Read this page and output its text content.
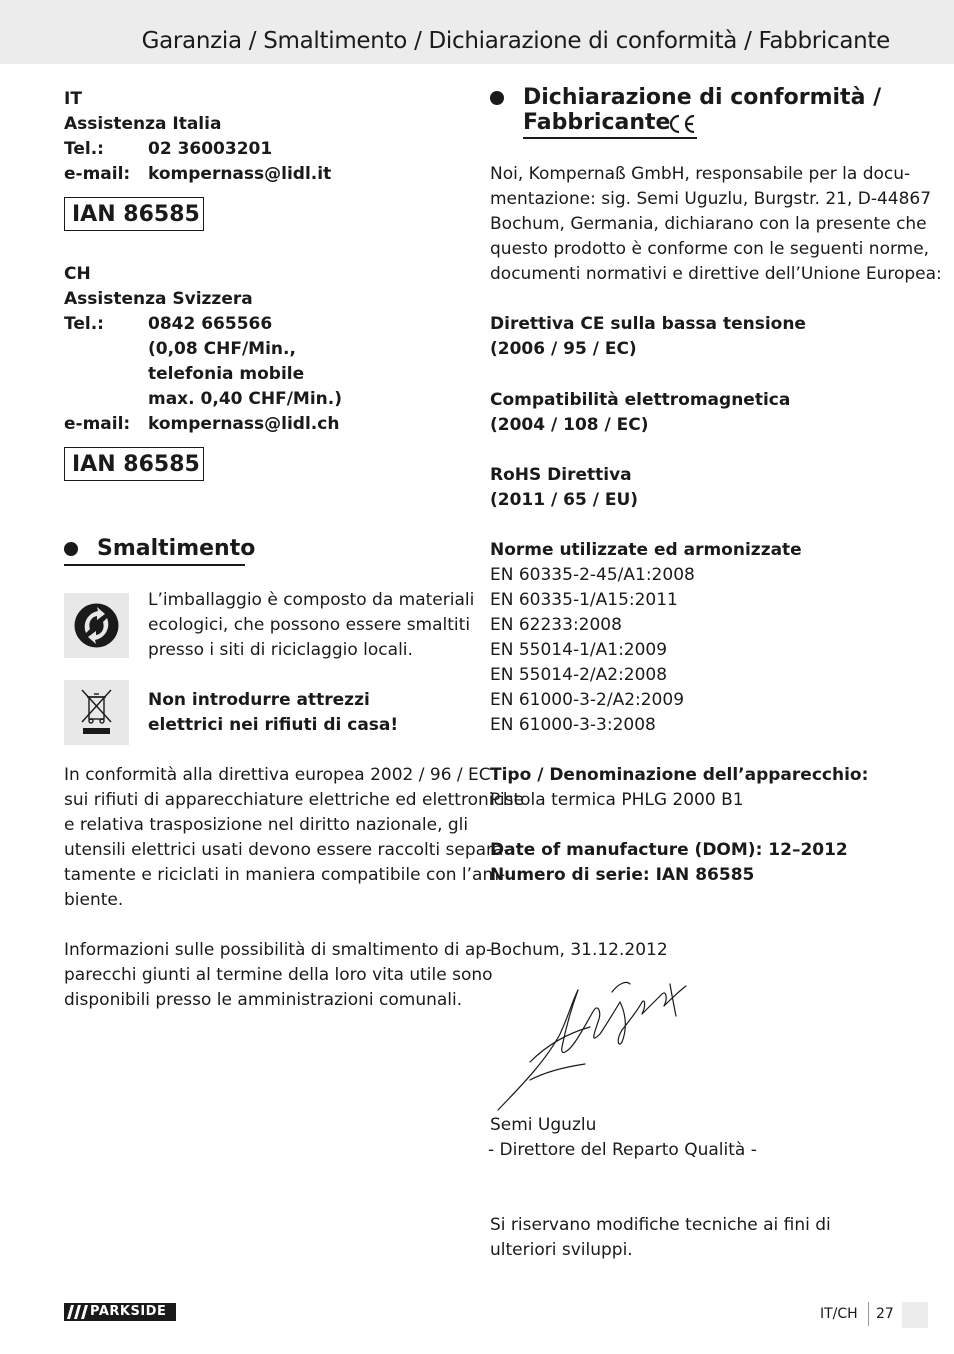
Garanzia / Smaltimento / Dichiarazione di conformità / Fabbricante
IT
Assistenza Italia
Tel.:	02 36003201
e-mail: kompernass@lidl.it
IAN 86585
CH
Assistenza Svizzera
Tel.:	0842 665566
(0,08 CHF/Min.,
telefonia mobile
max. 0,40 CHF/Min.)
e-mail: kompernass@lidl.ch
IAN 86585
Smaltimento
L’imballaggio è composto da materiali
ecologici, che possono essere smaltiti
presso i siti di riciclaggio locali.
Non introdurre attrezzi
elettrici nei rifiuti di casa!
In conformità alla direttiva europea 2002 / 96 / EC
sui rifiuti di apparecchiature elettriche ed elettroniche
e relativa trasposizione nel diritto nazionale, gli
utensili elettrici usati devono essere raccolti separa-
tamente e riciclati in maniera compatibile con l’am-
biente.
Informazioni sulle possibilità di smaltimento di ap-
parecchi giunti al termine della loro vita utile sono
disponibili presso le amministrazioni comunali.
Dichiarazione di conformità /
Fabbricante
Noi, Kompernaß GmbH, responsabile per la docu-
mentazione: sig. Semi Uguzlu, Burgstr. 21, D-44867
Bochum, Germania, dichiarano con la presente che
questo prodotto è conforme con le seguenti norme,
documenti normativi e direttive dell’Unione Europea:
Direttiva CE sulla bassa tensione
(2006 / 95 / EC)
Compatibilità elettromagnetica
(2004 / 108 / EC)
RoHS Direttiva
(2011 / 65 / EU)
Norme utilizzate ed armonizzate
EN 60335-2-45/A1:2008
EN 60335-1/A15:2011
EN 62233:2008
EN 55014-1/A1:2009
EN 55014-2/A2:2008
EN 61000-3-2/A2:2009
EN 61000-3-3:2008
Tipo / Denominazione dell’apparecchio:
Pistola termica PHLG 2000 B1
Date of manufacture (DOM): 12–2012
Numero di serie: IAN 86585
Bochum, 31.12.2012
Semi Uguzlu
- Direttore del Reparto Qualità -
Si riservano modifiche tecniche ai fini di
ulteriori sviluppi.
PARKSIDE	IT/CH 27
